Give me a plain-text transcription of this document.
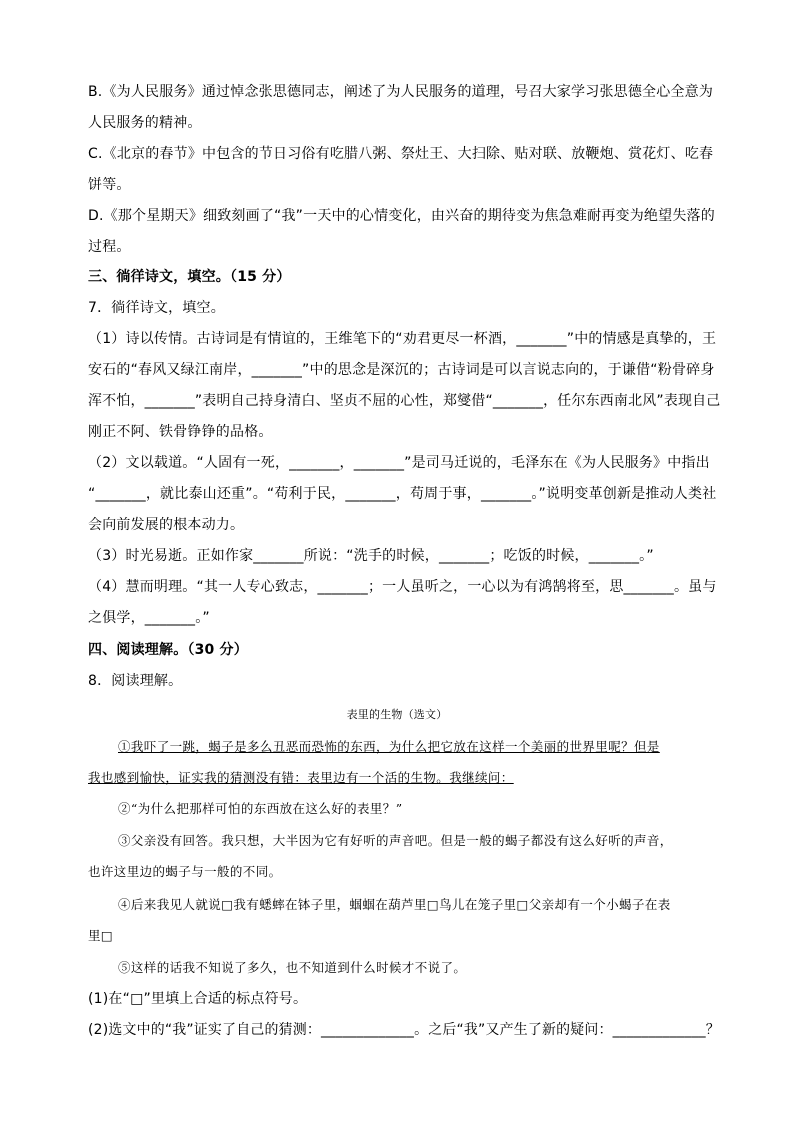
B.《为人民服务》通过悼念张思德同志，阐述了为人民服务的道理，号召大家学习张思德全心全意为
人民服务的精神。
C.《北京的春节》中包含的节日习俗有吃腊八粥、祭灶王、大扫除、贴对联、放鞭炮、赏花灯、吃春
饼等。
D.《那个星期天》细致刻画了“我”一天中的心情变化，由兴奋的期待变为焦急难耐再变为绝望失落的
过程。
三、徜徉诗文，填空。（15 分）
7．徜徉诗文，填空。
（1）诗以传情。古诗词是有情谊的，王维笔下的“劝君更尽一杯酒，_______”中的情感是真挚的，王
安石的“春风又绿江南岸，_______”中的思念是深沉的；古诗词是可以言说志向的，于谦借“粉骨碎身
浑不怕，_______”表明自己持身清白、坚贞不屈的心性，郑燮借“_______，任尔东西南北风”表现自己
刚正不阿、铁骨铮铮的品格。
（2）文以载道。“人固有一死，_______，_______”是司马迁说的，毛泽东在《为人民服务》中指出
“_______，就比泰山还重”。“苟利于民，_______，苟周于事，_______。”说明变革创新是推动人类社
会向前发展的根本动力。
（3）时光易逝。正如作家_______所说：“洗手的时候，_______；吃饭的时候，_______。”
（4）慧而明理。“其一人专心致志，_______；一人虽听之，一心以为有鸿鹄将至，思_______。虽与
之俱学，_______。”
四、阅读理解。（30 分）
8．阅读理解。
表里的生物（选文）
①我吓了一跳，蝎子是多么丑恶而恐怖的东西，为什么把它放在这样一个美丽的世界里呢？但是
我也感到愉快，证实我的猜测没有错：表里边有一个活的生物。我继续问：
②“为什么把那样可怕的东西放在这么好的表里？”
③父亲没有回答。我只想，大半因为它有好听的声音吧。但是一般的蝎子都没有这么好听的声音，
也许这里边的蝎子与一般的不同。
④后来我见人就说□我有蟋蟀在钵子里，蝈蝈在葫芦里□鸟儿在笼子里□父亲却有一个小蝎子在表
里□
⑤这样的话我不知说了多久，也不知道到什么时候才不说了。
(1)在“□”里填上合适的标点符号。
(2)选文中的“我”证实了自己的猜测：_____________。之后“我”又产生了新的疑问：_____________？
